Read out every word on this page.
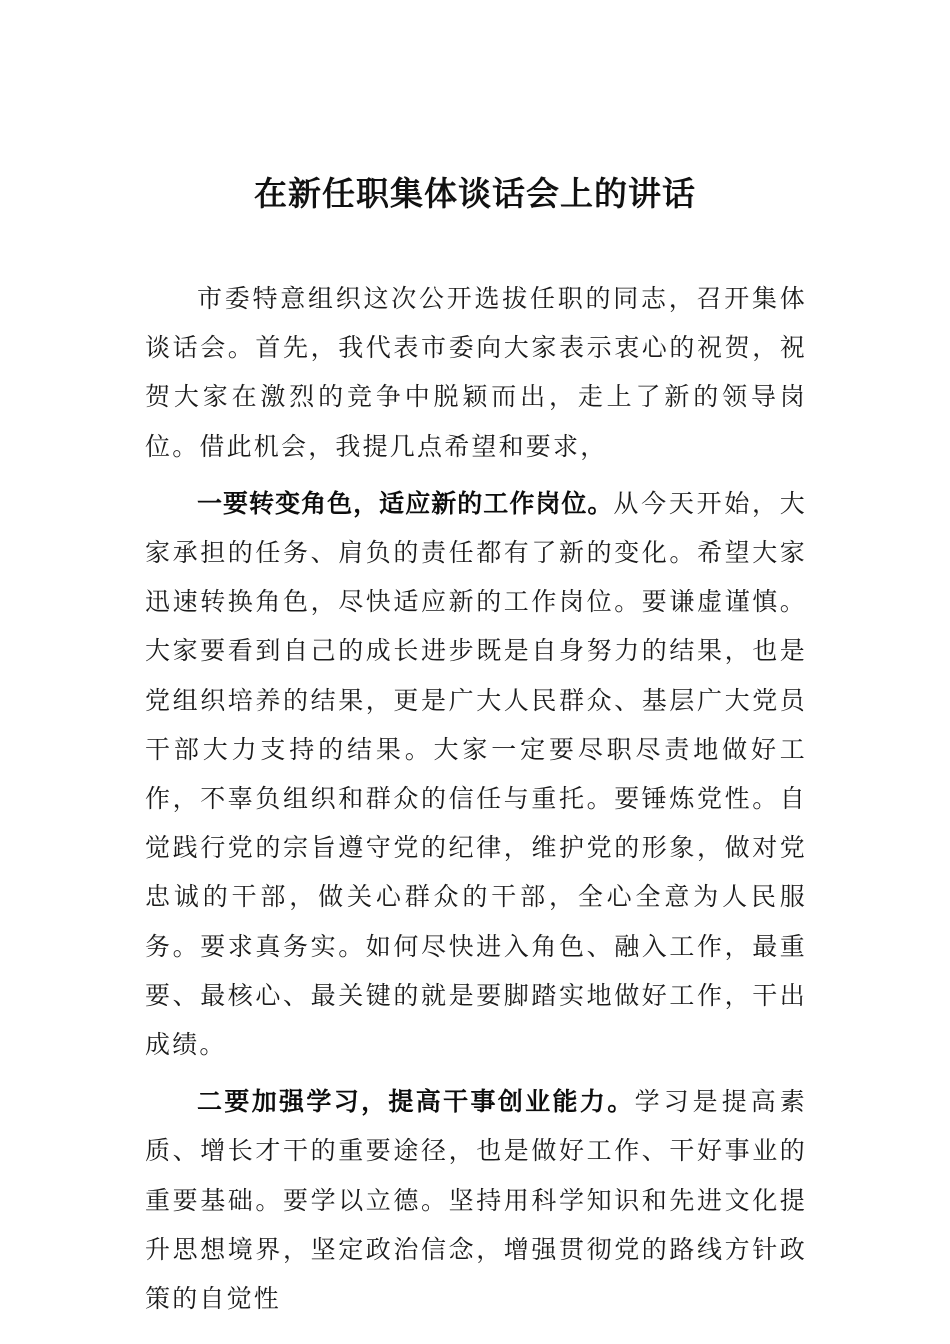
在新任职集体谈话会上的讲话

市委特意组织这次公开选拔任职的同志，召开集体谈话会。首先，我代表市委向大家表示衷心的祝贺，祝贺大家在激烈的竞争中脱颖而出，走上了新的领导岗位。借此机会，我提几点希望和要求，

一要转变角色，适应新的工作岗位。从今天开始，大家承担的任务、肩负的责任都有了新的变化。希望大家迅速转换角色，尽快适应新的工作岗位。要谦虚谨慎。大家要看到自己的成长进步既是自身努力的结果，也是党组织培养的结果，更是广大人民群众、基层广大党员干部大力支持的结果。大家一定要尽职尽责地做好工作，不辜负组织和群众的信任与重托。要锤炼党性。自觉践行党的宗旨遵守党的纪律，维护党的形象，做对党忠诚的干部，做关心群众的干部，全心全意为人民服务。要求真务实。如何尽快进入角色、融入工作，最重要、最核心、最关键的就是要脚踏实地做好工作，干出成绩。

二要加强学习，提高干事创业能力。学习是提高素质、增长才干的重要途径，也是做好工作、干好事业的重要基础。要学以立德。坚持用科学知识和先进文化提升思想境界，坚定政治信念，增强贯彻党的路线方针政策的自觉性
